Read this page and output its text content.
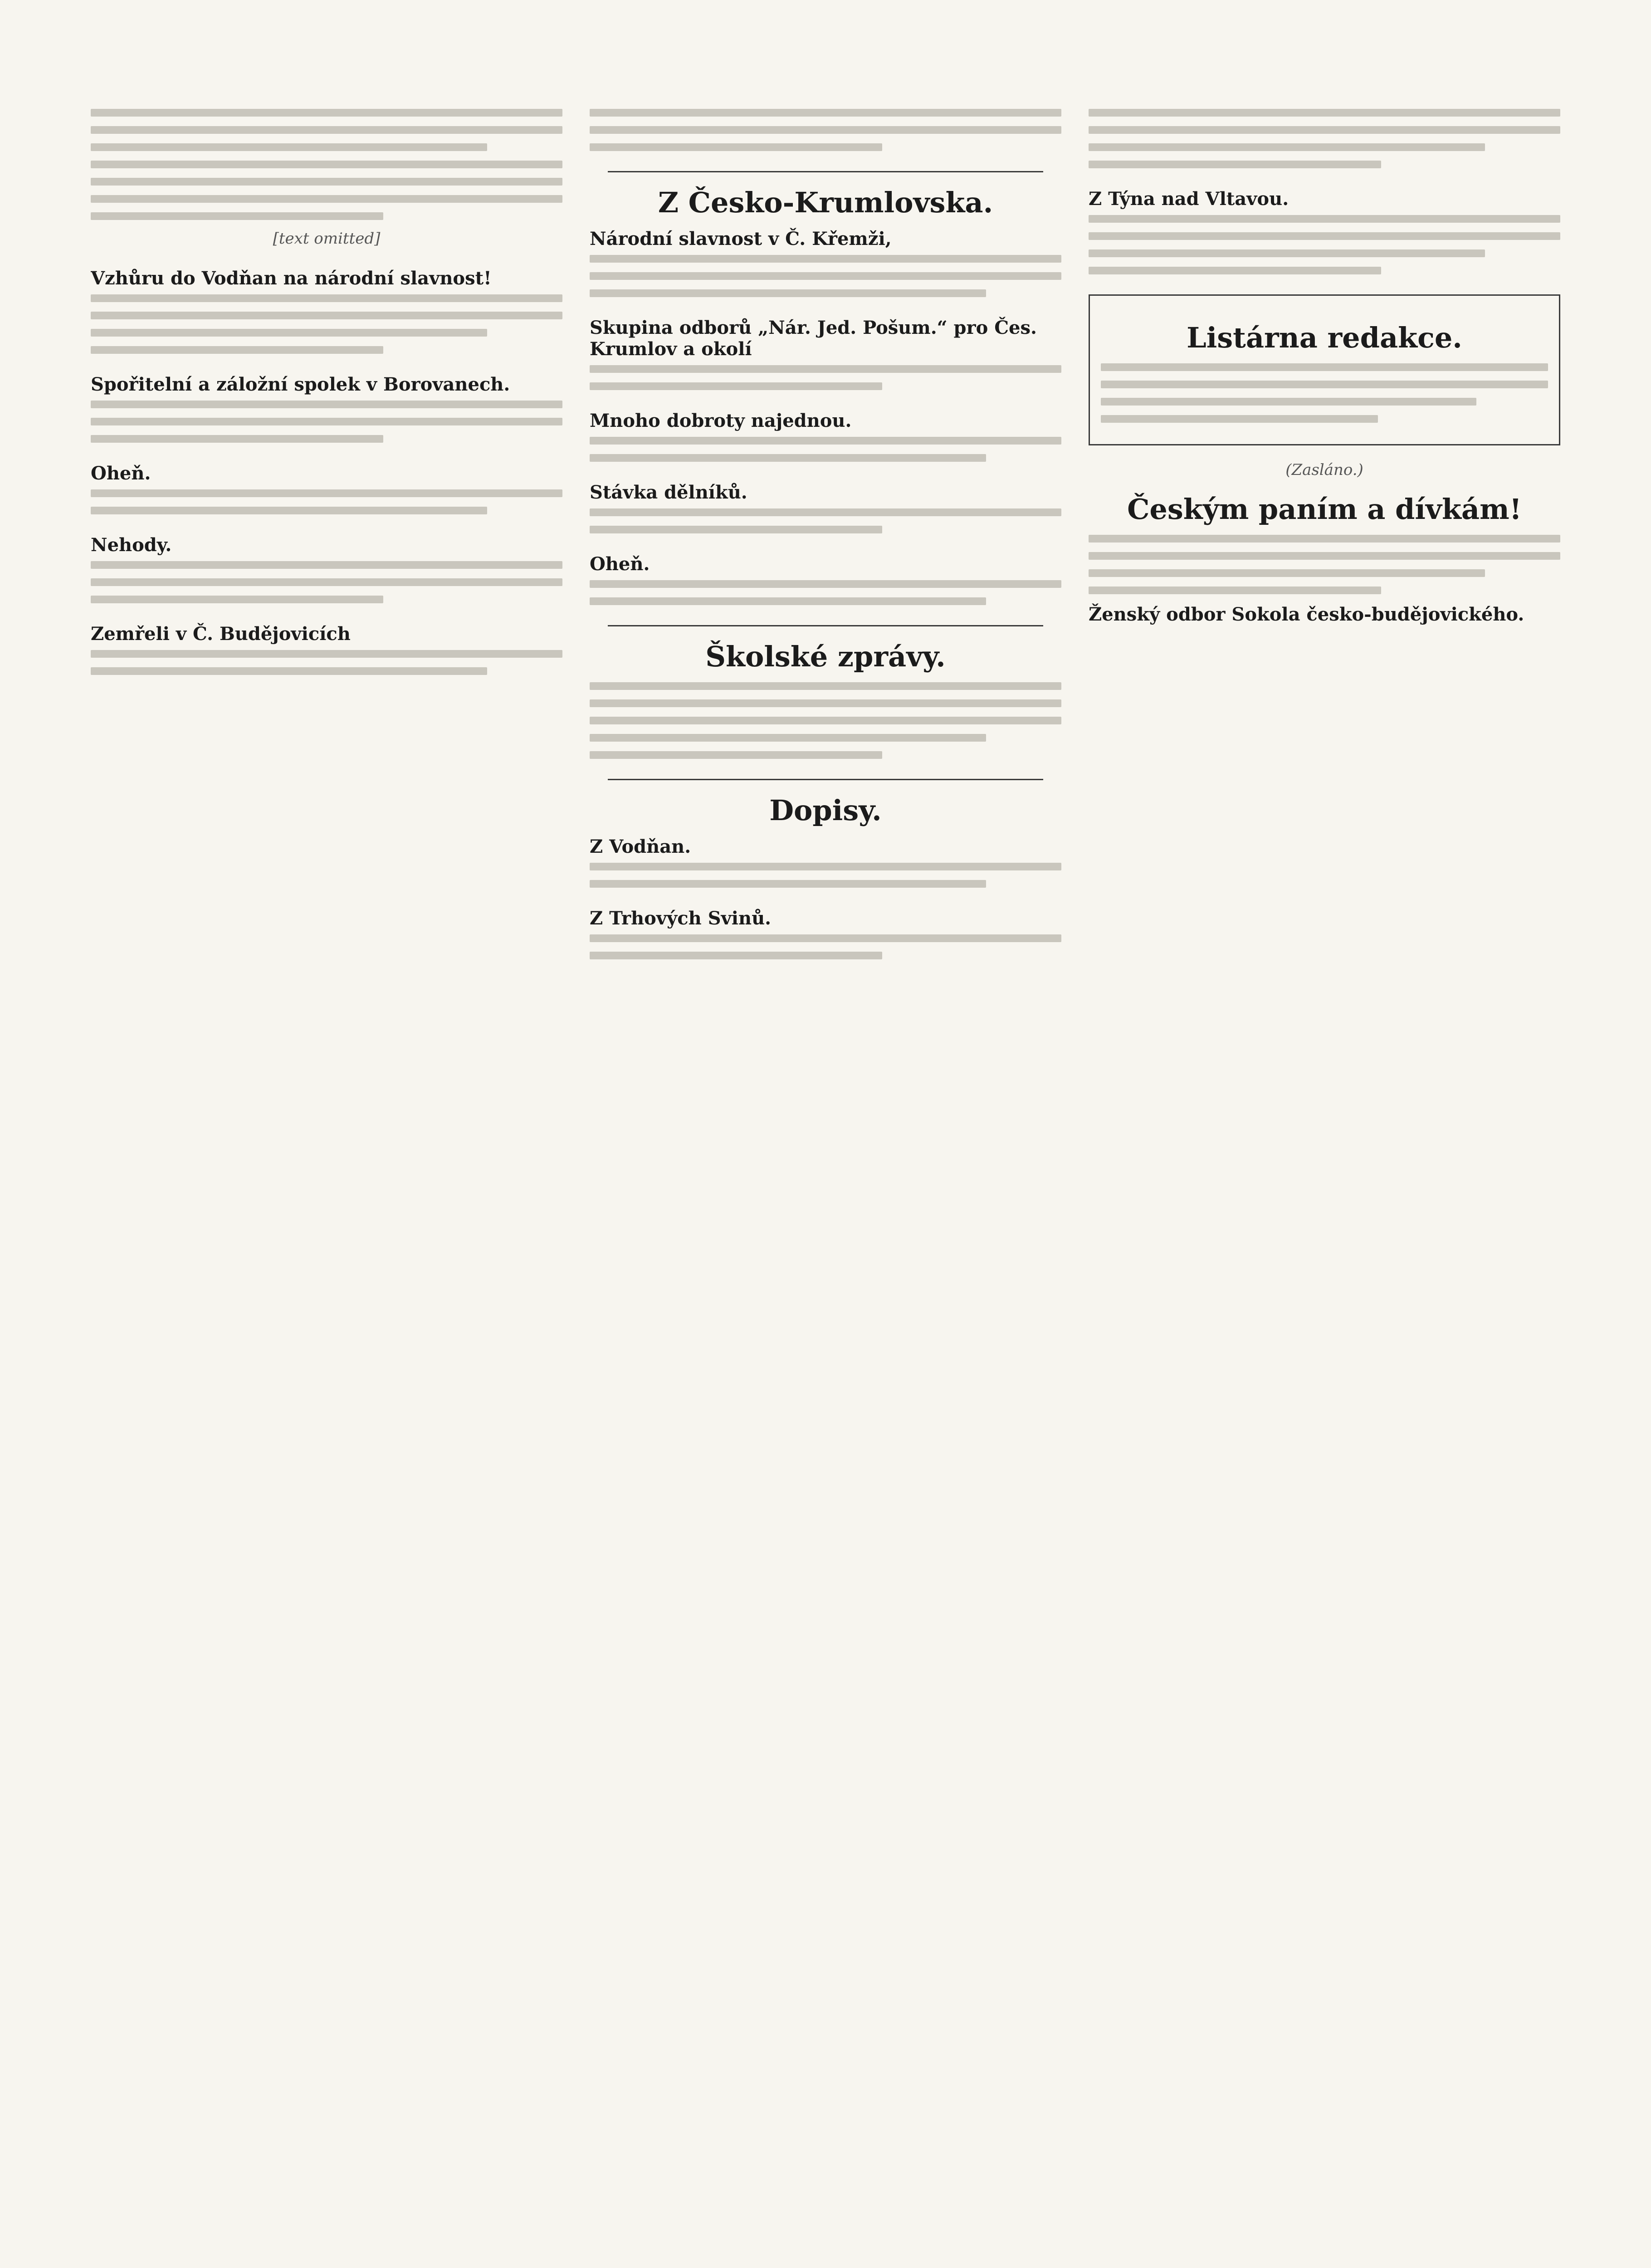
[text omitted]
Vzhůru do Vodňan na národní slavnost!
Spořitelní a záložní spolek v Borovanech.
Oheň.
Nehody.
Zemřeli v Č. Budějovicích
Z Česko-Krumlovska.
Národní slavnost v Č. Křemži,
Skupina odborů „Nár. Jed. Pošum.“ pro Čes. Krumlov a okolí
Mnoho dobroty najednou.
Stávka dělníků.
Oheň.
Školské zprávy.
Dopisy.
Z Vodňan.
Z Trhových Svinů.
Z Týna nad Vltavou.
Listárna redakce.
(Zasláno.)
Českým paním a dívkám!
Ženský odbor Sokola česko-budějovického.
